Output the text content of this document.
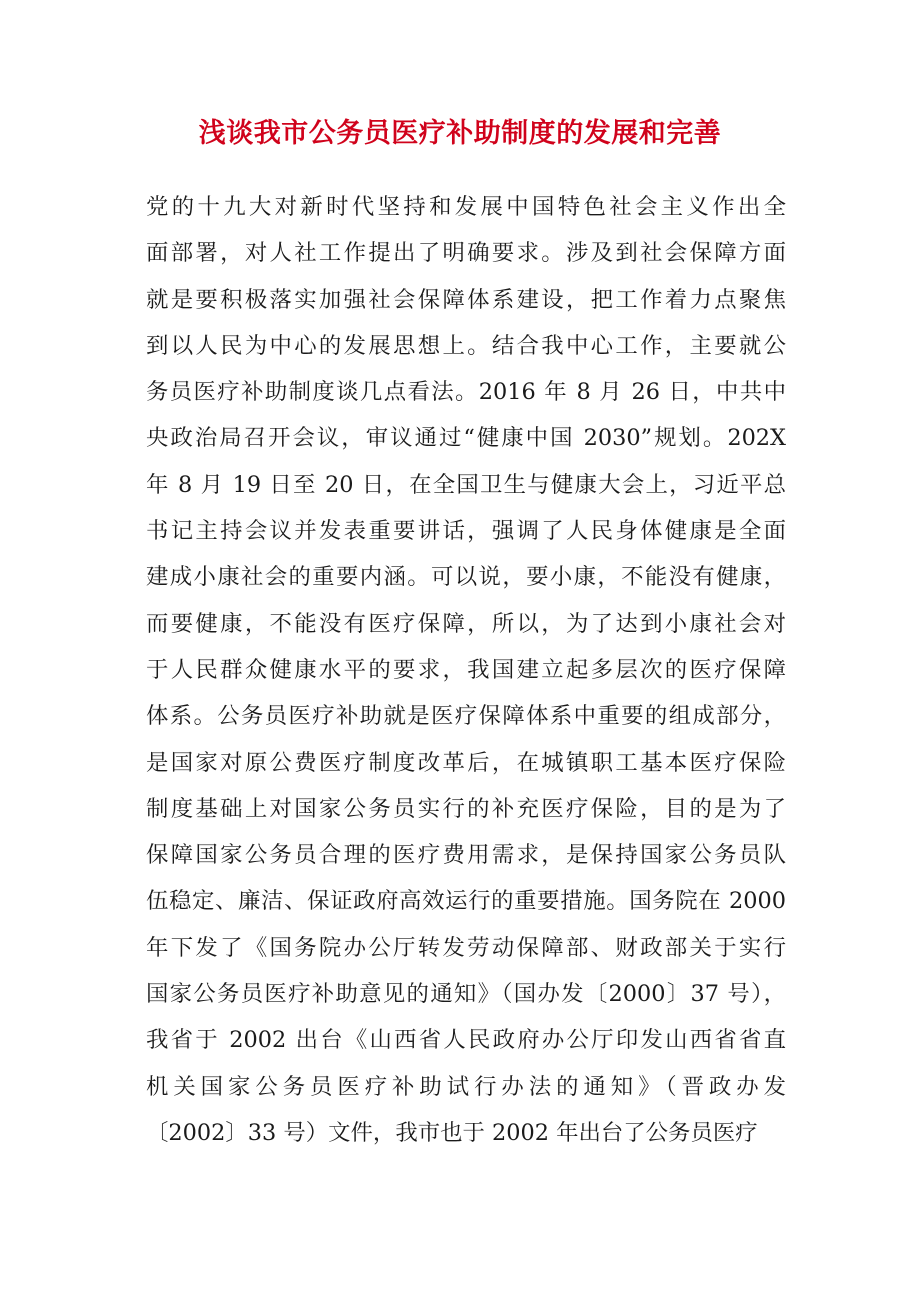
浅谈我市公务员医疗补助制度的发展和完善
党的十九大对新时代坚持和发展中国特色社会主义作出全
面部署，对人社工作提出了明确要求。涉及到社会保障方面
就是要积极落实加强社会保障体系建设，把工作着力点聚焦
到以人民为中心的发展思想上。结合我中心工作，主要就公
务员医疗补助制度谈几点看法。2016 年 8 月 26 日，中共中
央政治局召开会议，审议通过“健康中国 2030”规划。202X
年 8 月 19 日至 20 日，在全国卫生与健康大会上，习近平总
书记主持会议并发表重要讲话，强调了人民身体健康是全面
建成小康社会的重要内涵。可以说，要小康，不能没有健康，
而要健康，不能没有医疗保障，所以，为了达到小康社会对
于人民群众健康水平的要求，我国建立起多层次的医疗保障
体系。公务员医疗补助就是医疗保障体系中重要的组成部分，
是国家对原公费医疗制度改革后，在城镇职工基本医疗保险
制度基础上对国家公务员实行的补充医疗保险，目的是为了
保障国家公务员合理的医疗费用需求，是保持国家公务员队
伍稳定、廉洁、保证政府高效运行的重要措施。国务院在 2000
年下发了《国务院办公厅转发劳动保障部、财政部关于实行
国家公务员医疗补助意见的通知》（国办发〔2000〕37 号），
我省于 2002 出台《山西省人民政府办公厅印发山西省省直
机关国家公务员医疗补助试行办法的通知》（晋政办发
〔2002〕33 号）文件，我市也于 2002 年出台了公务员医疗
